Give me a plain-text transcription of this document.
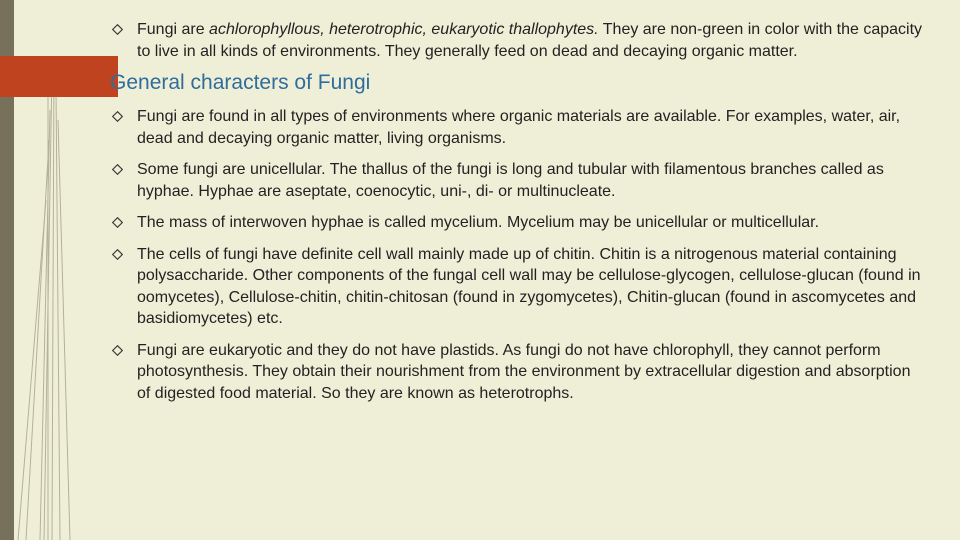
Fungi are achlorophyllous, heterotrophic, eukaryotic thallophytes. They are non-green in color with the capacity to live in all kinds of environments. They generally feed on dead and decaying organic matter.
General characters of Fungi
Fungi are found in all types of environments where organic materials are available. For examples, water, air, dead and decaying organic matter, living organisms.
Some fungi are unicellular. The thallus of the fungi is long and tubular with filamentous branches called as hyphae. Hyphae are aseptate, coenocytic, uni-, di- or multinucleate.
The mass of interwoven hyphae is called mycelium. Mycelium may be unicellular or multicellular.
The cells of fungi have definite cell wall mainly made up of chitin. Chitin is a nitrogenous material containing polysaccharide. Other components of the fungal cell wall may be cellulose-glycogen, cellulose-glucan (found in oomycetes), Cellulose-chitin, chitin-chitosan (found in zygomycetes), Chitin-glucan (found in ascomycetes and basidiomycetes) etc.
Fungi are eukaryotic and they do not have plastids. As fungi do not have chlorophyll, they cannot perform photosynthesis. They obtain their nourishment from the environment by extracellular digestion and absorption of digested food material. So they are known as heterotrophs.
